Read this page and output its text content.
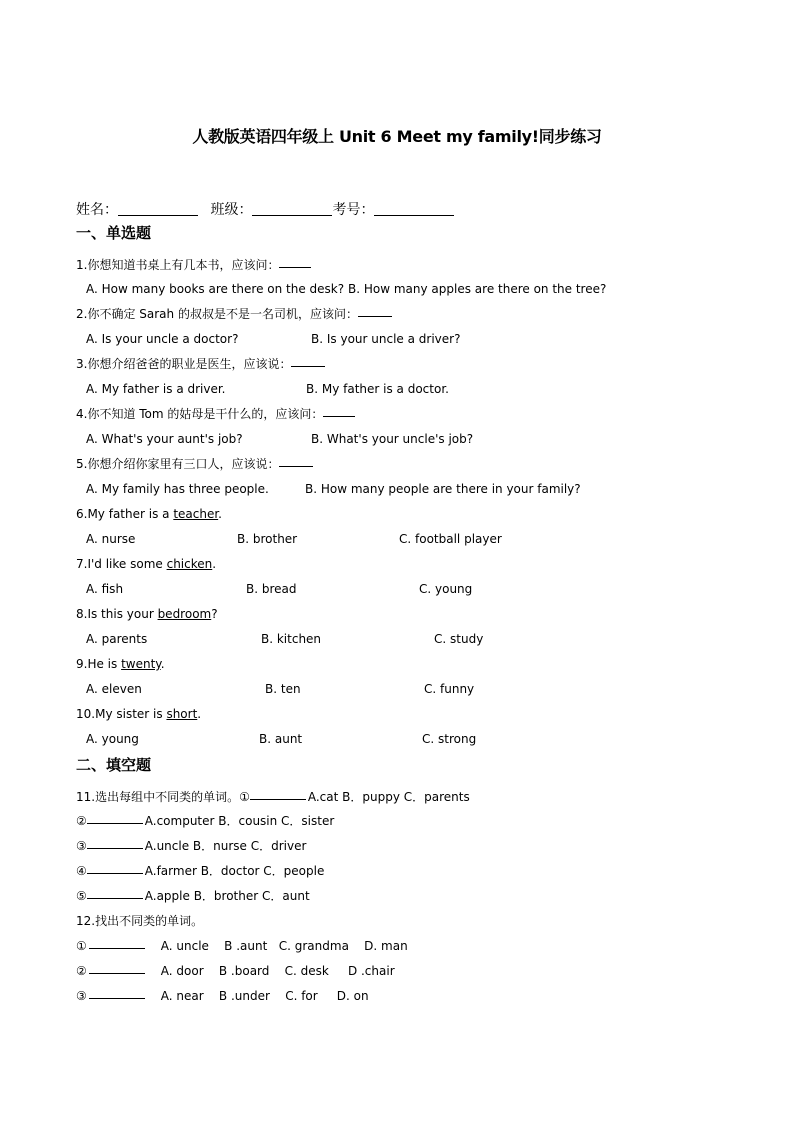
人教版英语四年级上 Unit 6 Meet my family!同步练习
姓名：	班级：	考号：
一、单选题
1.你想知道书桌上有几本书，应该问：
A. How many books are there on the desk? B. How many apples are there on the tree?
2.你不确定 Sarah 的叔叔是不是一名司机，应该问：
A. Is your uncle a doctor?	B. Is your uncle a driver?
3.你想介绍爸爸的职业是医生，应该说：
A. My father is a driver.	B. My father is a doctor.
4.你不知道 Tom 的姑母是干什么的，应该问：
A. What's your aunt's job?	B. What's your uncle's job?
5.你想介绍你家里有三口人，应该说：
A. My family has three people.	B. How many people are there in your family?
6.My father is a teacher.
A. nurse	B. brother	C. football player
7.I'd like some chicken.
A. fish	B. bread	C. young
8.Is this your bedroom?
A. parents	B. kitchen	C. study
9.He is twenty.
A. eleven	B. ten	C. funny
10.My sister is short.
A. young	B. aunt	C. strong
二、填空题
11.选出每组中不同类的单词。①	A.cat B．puppy C．parents
②	A.computer B．cousin C．sister
③	A.uncle B．nurse C．driver
④	A.farmer B．doctor C．people
⑤	A.apple B．brother C．aunt
12.找出不同类的单词。
①	A. uncle    B .aunt   C. grandma    D. man
②	A. door    B .board    C. desk     D .chair
③	A. near    B .under    C. for     D. on
